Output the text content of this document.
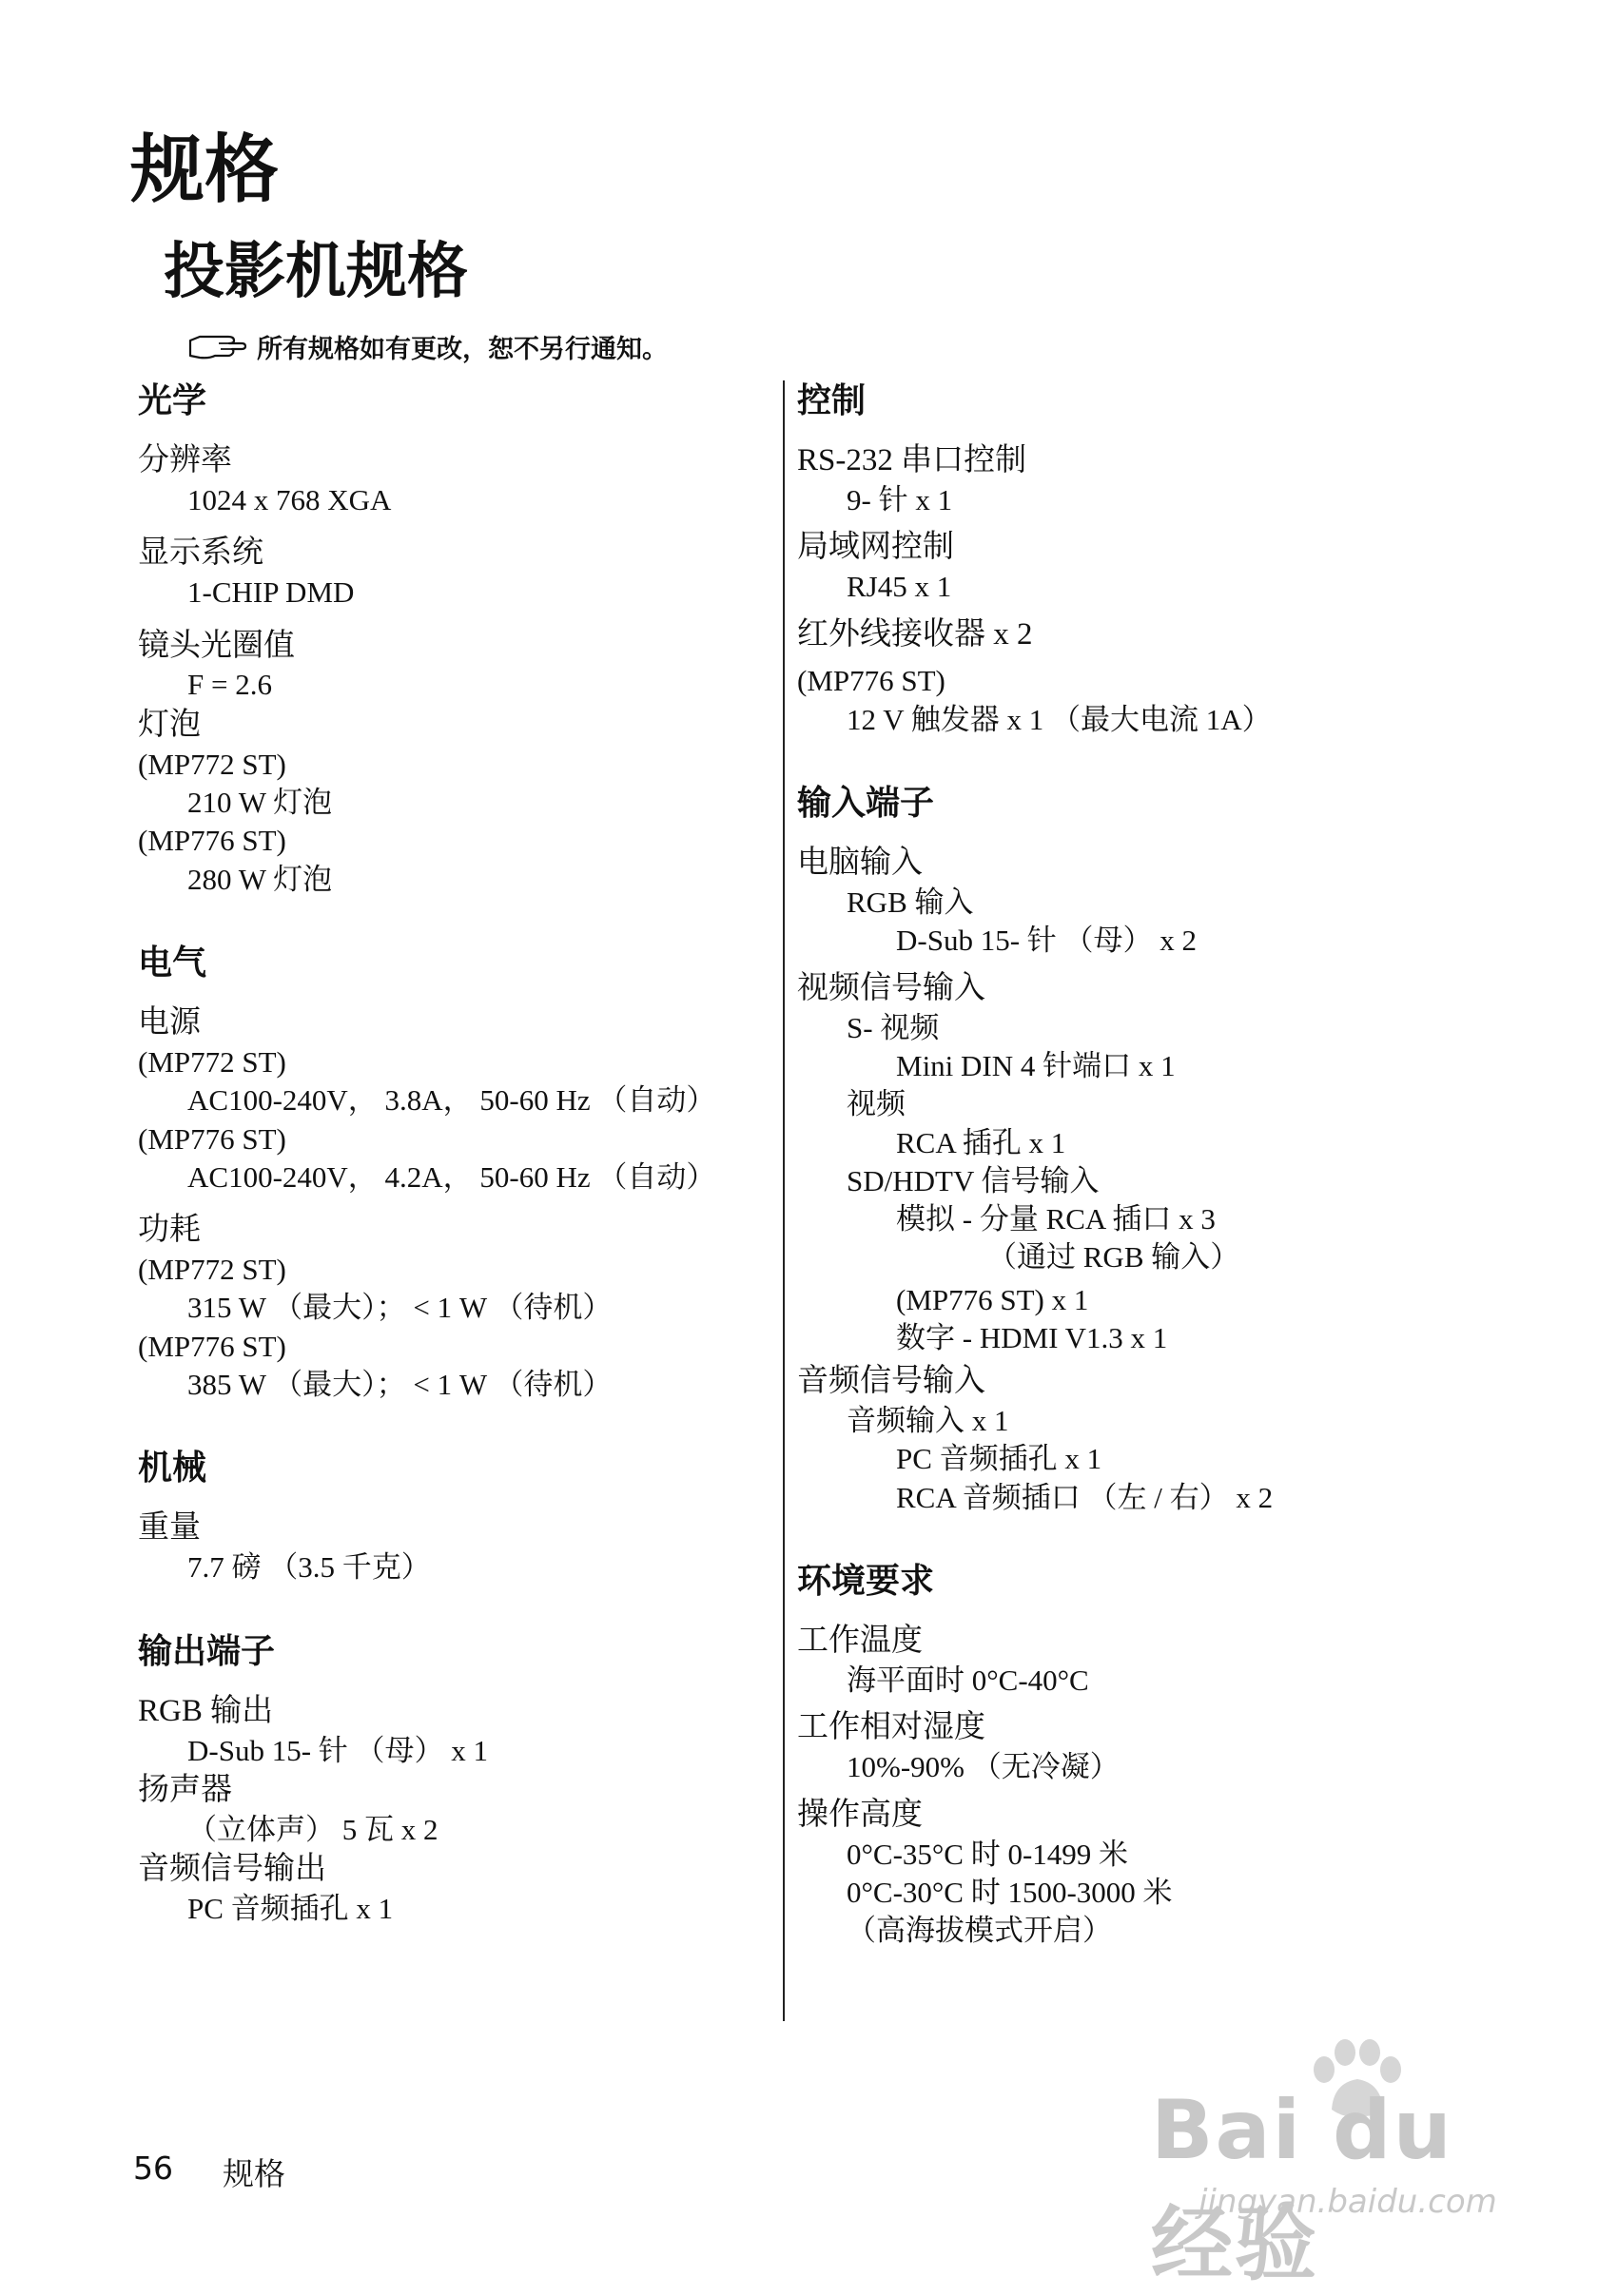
规格
投影机规格
所有规格如有更改，恕不另行通知。
光学
分辨率
1024 x 768 XGA
显示系统
1-CHIP DMD
镜头光圈值
F = 2.6
灯泡
(MP772 ST)
210 W 灯泡
(MP776 ST)
280 W 灯泡
电气
电源
(MP772 ST)
AC100-240V， 3.8A， 50-60 Hz （自动）
(MP776 ST)
AC100-240V， 4.2A， 50-60 Hz （自动）
功耗
(MP772 ST)
315 W （最大）； < 1 W （待机）
(MP776 ST)
385 W （最大）； < 1 W （待机）
机械
重量
7.7 磅 （3.5 千克）
输出端子
RGB 输出
D-Sub 15- 针 （母） x 1
扬声器
（立体声） 5 瓦 x 2
音频信号输出
PC 音频插孔 x 1
控制
RS-232 串口控制
9- 针 x 1
局域网控制
RJ45 x 1
红外线接收器 x 2
(MP776 ST)
12 V 触发器 x 1 （最大电流 1A）
输入端子
电脑输入
RGB 输入
D-Sub 15- 针 （母） x 2
视频信号输入
S- 视频
Mini DIN 4 针端口 x 1
视频
RCA 插孔 x 1
SD/HDTV 信号输入
模拟 - 分量 RCA 插口 x 3
（通过 RGB 输入）
(MP776 ST) x 1
数字 - HDMI V1.3 x 1
音频信号输入
音频输入 x 1
PC 音频插孔 x 1
RCA 音频插口 （左 / 右） x 2
环境要求
工作温度
海平面时 0°C-40°C
工作相对湿度
10%-90% （无冷凝）
操作高度
0°C-35°C 时 0-1499 米
0°C-30°C 时 1500-3000 米
（高海拔模式开启）
56 规格	Bai du 经验
jingyan.baidu.com
